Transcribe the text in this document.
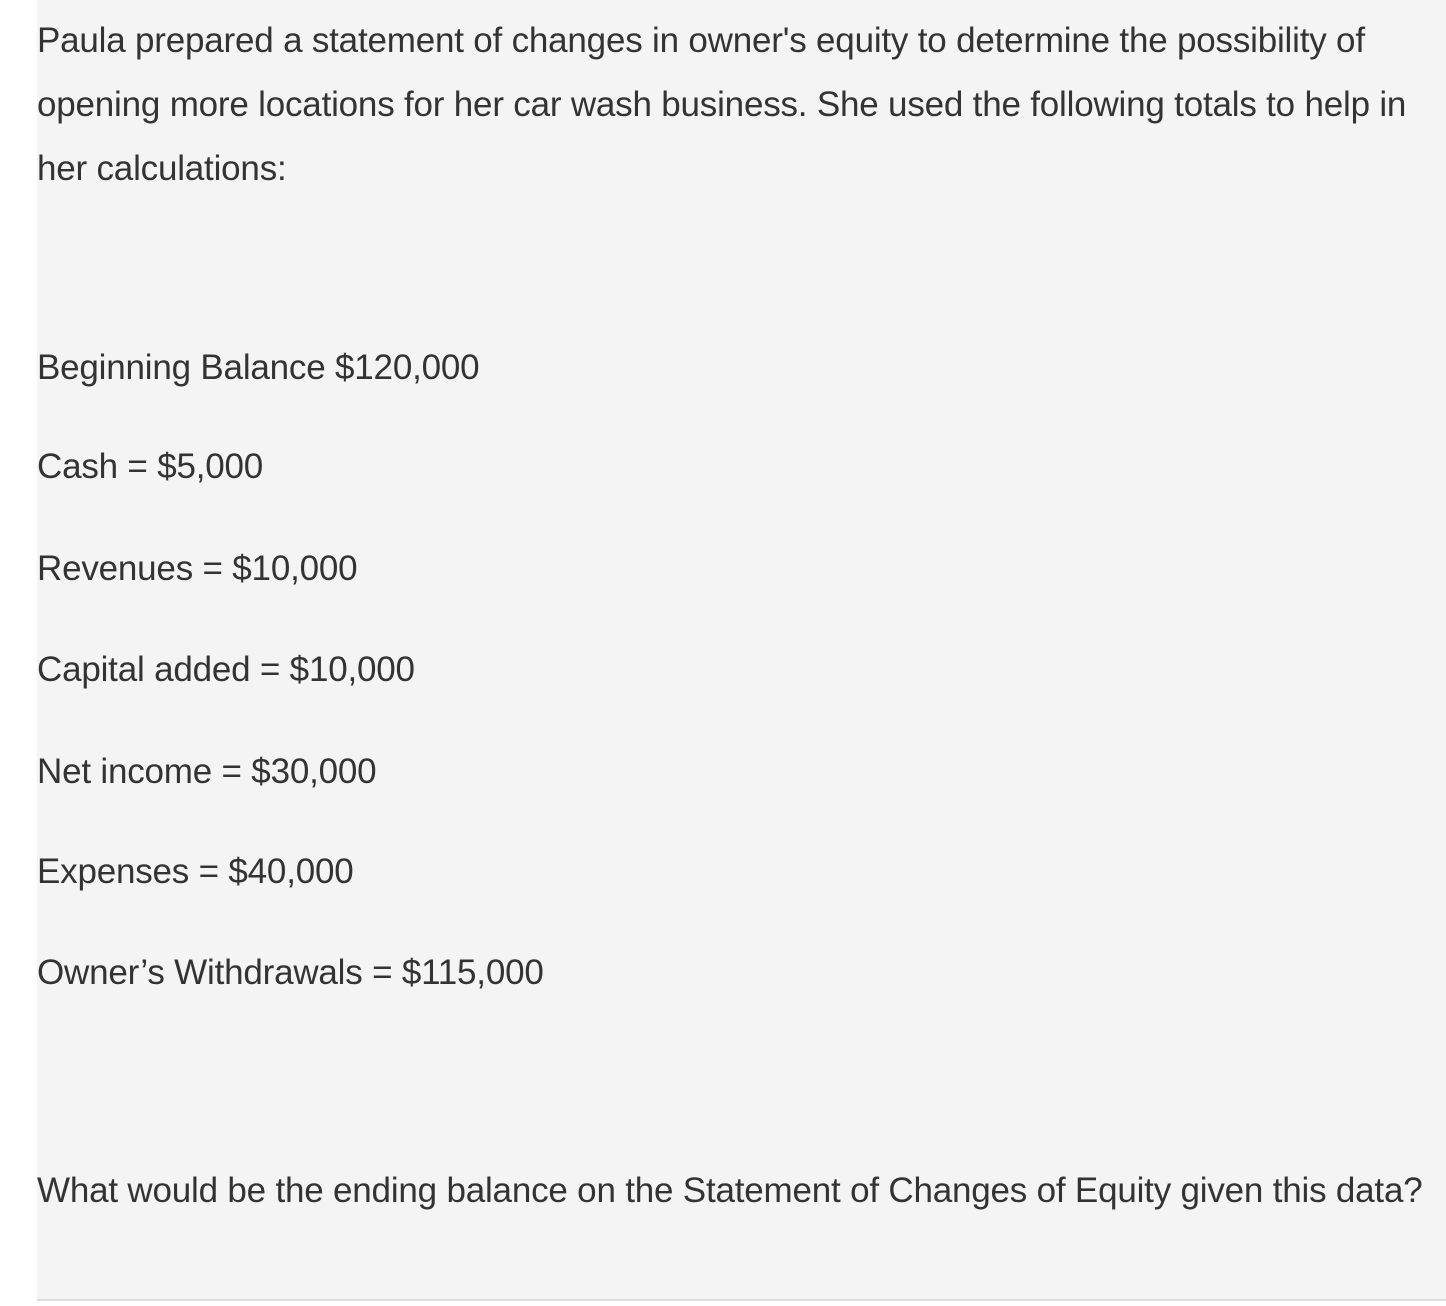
Paula prepared a statement of changes in owner's equity to determine the possibility of opening more locations for her car wash business. She used the following totals to help in her calculations:

Beginning Balance $120,000

Cash = $5,000

Revenues = $10,000

Capital added = $10,000

Net income = $30,000

Expenses = $40,000

Owner’s Withdrawals = $115,000

What would be the ending balance on the Statement of Changes of Equity given this data?
